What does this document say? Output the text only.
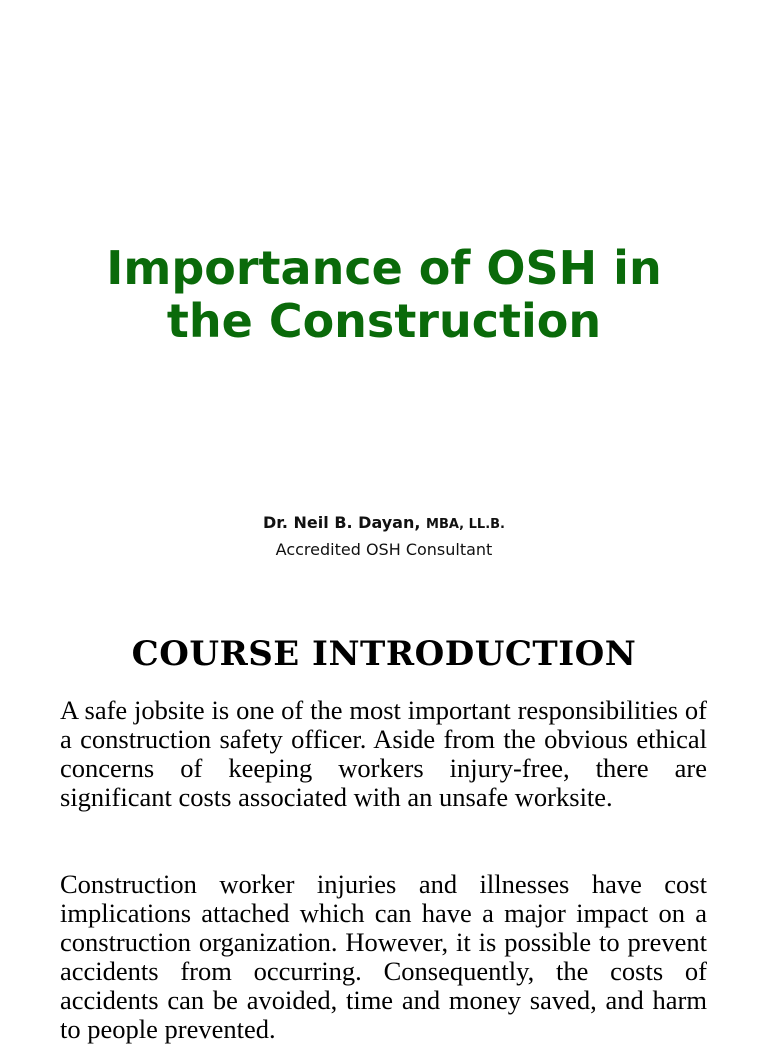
Importance of OSH in
the Construction
Dr. Neil B. Dayan, MBA, LL.B.
Accredited OSH Consultant
COURSE INTRODUCTION

A safe jobsite is one of the most important responsibilities of a construction safety officer. Aside from the obvious ethical concerns of keeping workers injury-free, there are significant costs associated with an unsafe worksite.

Construction worker injuries and illnesses have cost implications attached which can have a major impact on a construction organization. However, it is possible to prevent accidents from occurring. Consequently, the costs of accidents can be avoided, time and money saved, and harm to people prevented.
